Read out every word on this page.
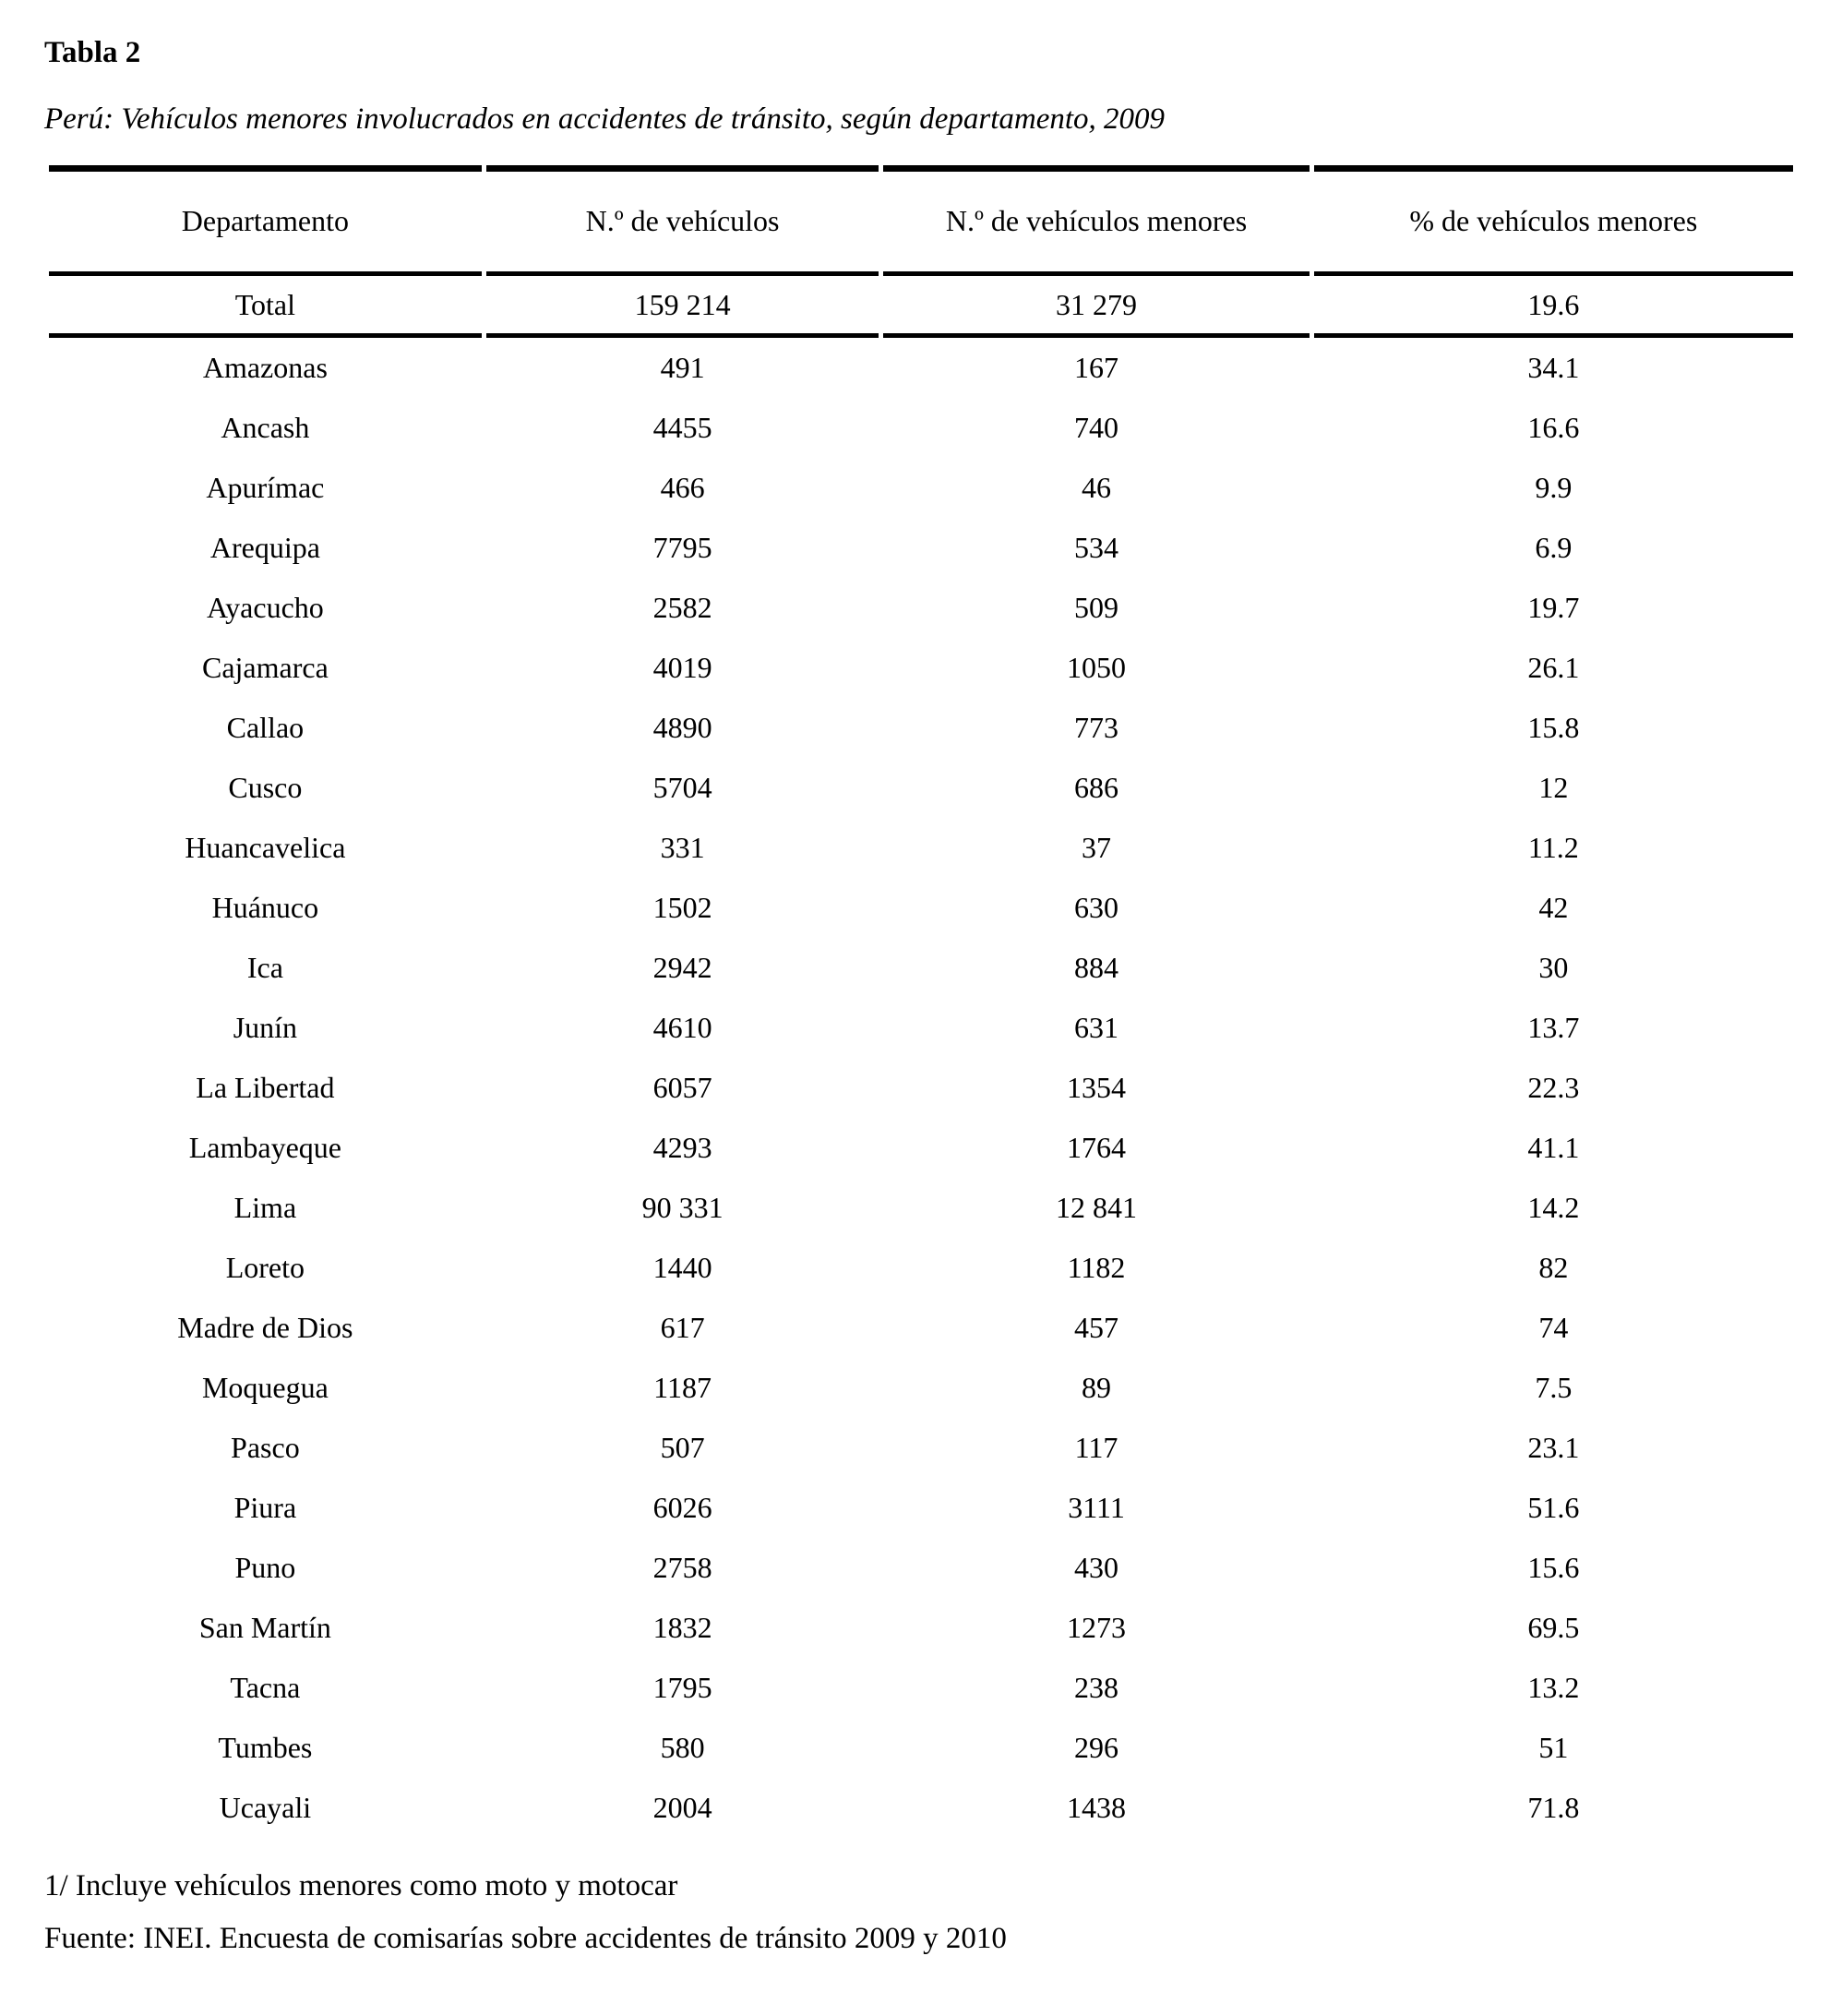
Tabla 2
Perú: Vehículos menores involucrados en accidentes de tránsito, según departamento, 2009
Departamento	N.º de vehículos	N.º de vehículos menores	% de vehículos menores
Total	159 214	31 279	19.6
Amazonas	491	167	34.1
Ancash	4455	740	16.6
Apurímac	466	46	9.9
Arequipa	7795	534	6.9
Ayacucho	2582	509	19.7
Cajamarca	4019	1050	26.1
Callao	4890	773	15.8
Cusco	5704	686	12
Huancavelica	331	37	11.2
Huánuco	1502	630	42
Ica	2942	884	30
Junín	4610	631	13.7
La Libertad	6057	1354	22.3
Lambayeque	4293	1764	41.1
Lima	90 331	12 841	14.2
Loreto	1440	1182	82
Madre de Dios	617	457	74
Moquegua	1187	89	7.5
Pasco	507	117	23.1
Piura	6026	3111	51.6
Puno	2758	430	15.6
San Martín	1832	1273	69.5
Tacna	1795	238	13.2
Tumbes	580	296	51
Ucayali	2004	1438	71.8
1/ Incluye vehículos menores como moto y motocar
Fuente: INEI. Encuesta de comisarías sobre accidentes de tránsito 2009 y 2010
